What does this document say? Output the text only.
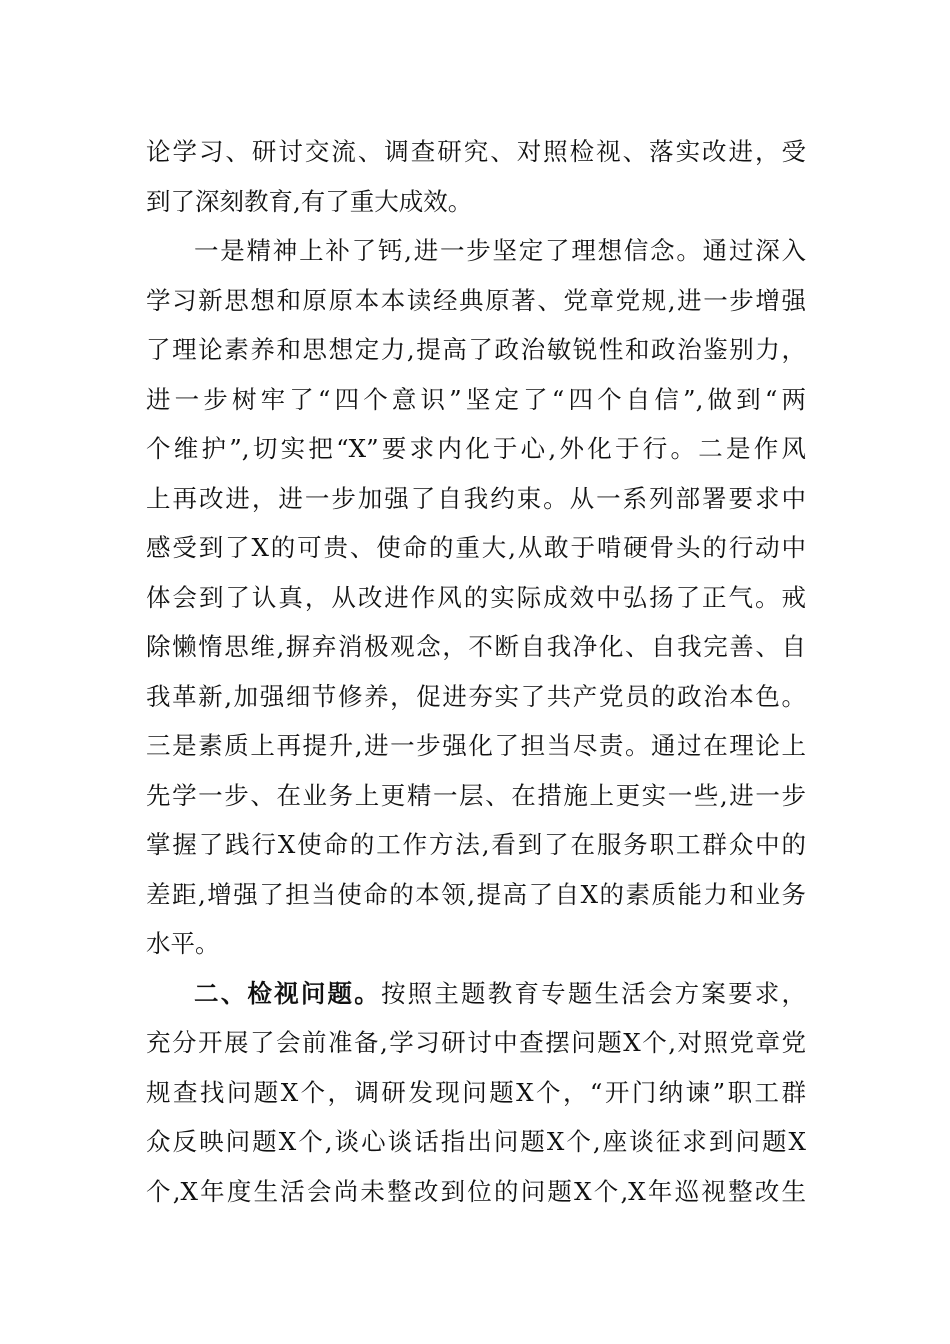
论学习、研讨交流、调查研究、对照检视、落实改进，受
到了深刻教育,有了重大成效。
一是精神上补了钙,进一步坚定了理想信念。通过深入
学习新思想和原原本本读经典原著、党章党规,进一步增强
了理论素养和思想定力,提高了政治敏锐性和政治鉴别力，
进一步树牢了“四个意识”坚定了“四个自信”,做到“两
个维护”,切实把“X”要求内化于心,外化于行。二是作风
上再改进，进一步加强了自我约束。从一系列部署要求中
感受到了X的可贵、使命的重大,从敢于啃硬骨头的行动中
体会到了认真，从改进作风的实际成效中弘扬了正气。戒
除懒惰思维,摒弃消极观念，不断自我净化、自我完善、自
我革新,加强细节修养，促进夯实了共产党员的政治本色。
三是素质上再提升,进一步强化了担当尽责。通过在理论上
先学一步、在业务上更精一层、在措施上更实一些,进一步
掌握了践行X使命的工作方法,看到了在服务职工群众中的
差距,增强了担当使命的本领,提高了自X的素质能力和业务
水平。
二、检视问题。按照主题教育专题生活会方案要求，
充分开展了会前准备,学习研讨中查摆问题X个,对照党章党
规查找问题X个，调研发现问题X个，“开门纳谏”职工群
众反映问题X个,谈心谈话指出问题X个,座谈征求到问题X
个,X年度生活会尚未整改到位的问题X个,X年巡视整改生
